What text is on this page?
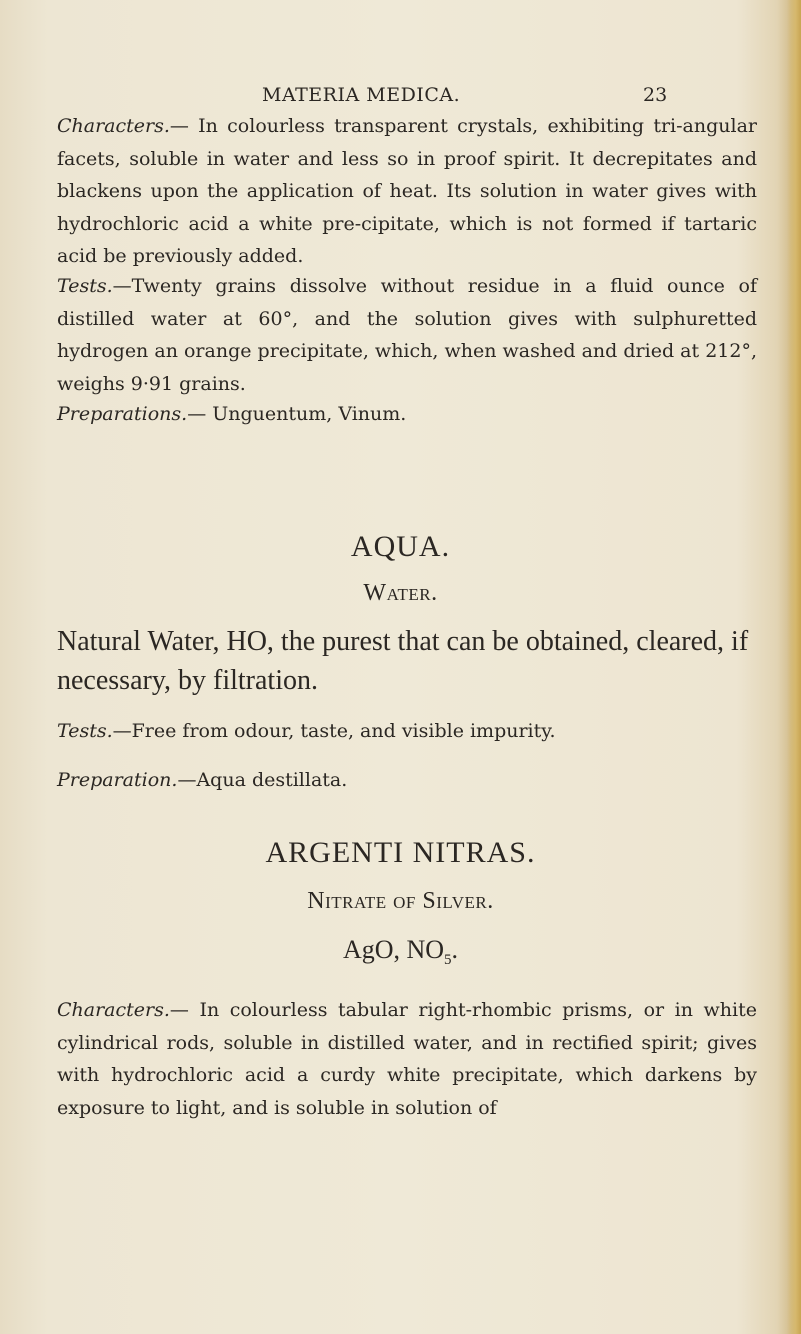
MATERIA MEDICA.	23

Characters.— In colourless transparent crystals, exhibiting tri-angular facets, soluble in water and less so in proof spirit. It decrepitates and blackens upon the application of heat. Its solution in water gives with hydrochloric acid a white pre-cipitate, which is not formed if tartaric acid be previously added.

Tests.—Twenty grains dissolve without residue in a fluid ounce of distilled water at 60°, and the solution gives with sulphuretted hydrogen an orange precipitate, which, when washed and dried at 212°, weighs 9·91 grains.

Preparations.— Unguentum, Vinum.

AQUA.
Water.

Natural Water, HO, the purest that can be obtained, cleared, if necessary, by filtration.

Tests.—Free from odour, taste, and visible impurity.

Preparation.—Aqua destillata.

ARGENTI NITRAS.
Nitrate of Silver.
AgO, $NO_5$.

Characters.— In colourless tabular right-rhombic prisms, or in white cylindrical rods, soluble in distilled water, and in rectified spirit; gives with hydrochloric acid a curdy white precipitate, which darkens by exposure to light, and is soluble in solution of
